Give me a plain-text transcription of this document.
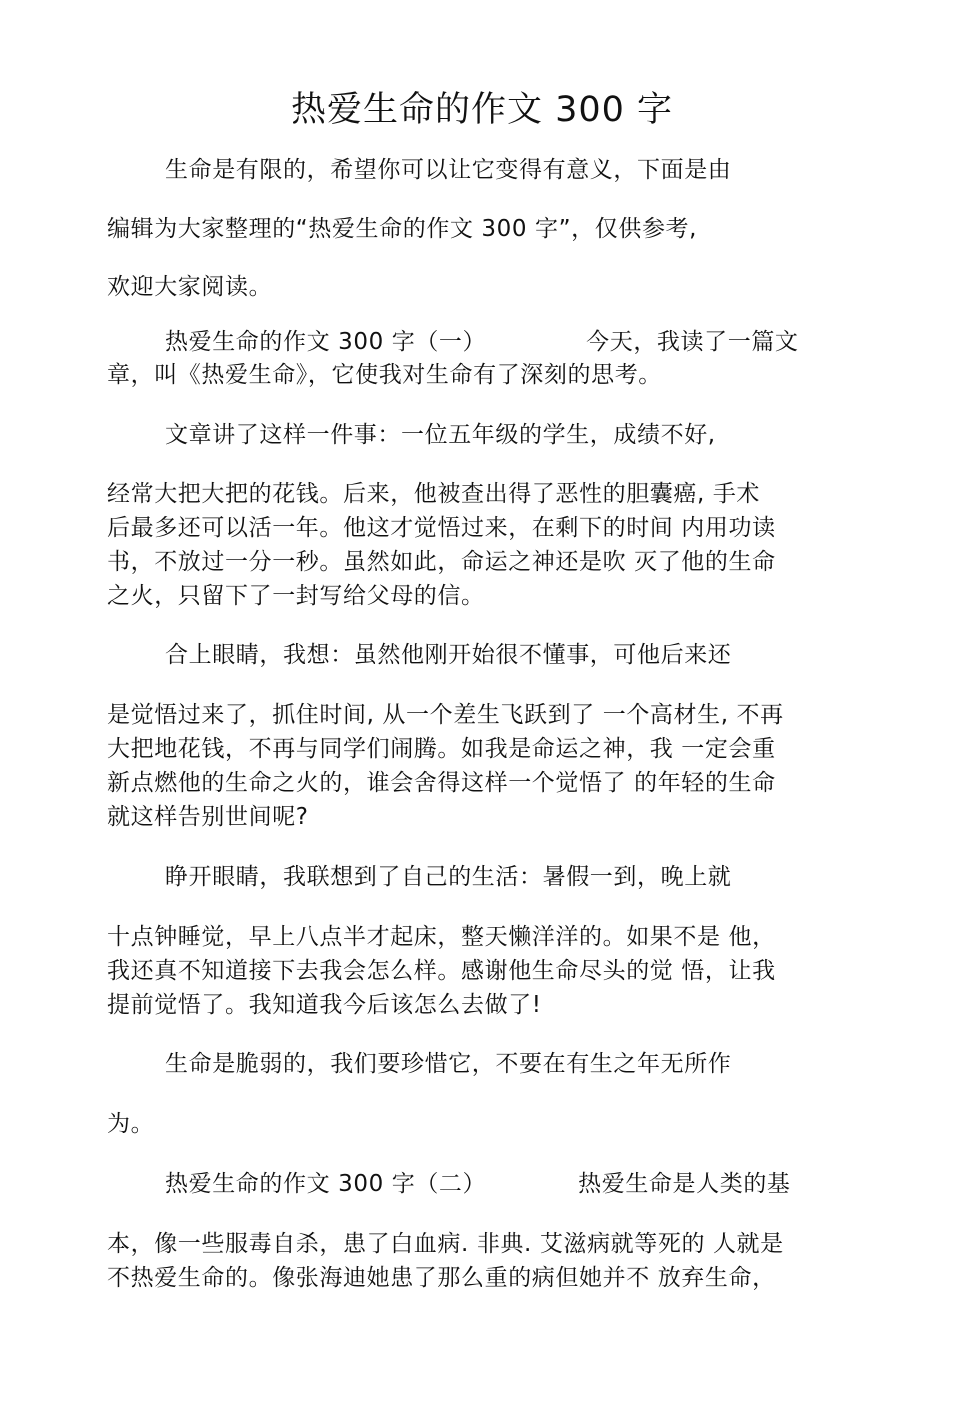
热爱生命的作文 300 字
生命是有限的，希望你可以让它变得有意义，下面是由
编辑为大家整理的“热爱生命的作文 300 字”，仅供参考,
欢迎大家阅读。
热爱生命的作文 300 字（一）	今天，我读了一篇文
章，叫《热爱生命》，它使我对生命有了深刻的思考。
文章讲了这样一件事：一位五年级的学生，成绩不好,
经常大把大把的花钱。后来，他被查出得了恶性的胆囊癌, 手术
后最多还可以活一年。他这才觉悟过来，在剩下的时间 内用功读
书，不放过一分一秒。虽然如此，命运之神还是吹 灭了他的生命
之火，只留下了一封写给父母的信。
合上眼睛，我想：虽然他刚开始很不懂事，可他后来还
是觉悟过来了，抓住时间, 从一个差生飞跃到了 一个高材生, 不再
大把地花钱，不再与同学们闹腾。如我是命运之神，我 一定会重
新点燃他的生命之火的，谁会舍得这样一个觉悟了 的年轻的生命
就这样告别世间呢?
睁开眼睛，我联想到了自己的生活：暑假一到，晚上就
十点钟睡觉，早上八点半才起床，整天懒洋洋的。如果不是 他，
我还真不知道接下去我会怎么样。感谢他生命尽头的觉 悟，让我
提前觉悟了。我知道我今后该怎么去做了!
生命是脆弱的，我们要珍惜它，不要在有生之年无所作
为。
热爱生命的作文 300 字（二）	热爱生命是人类的基
本，像一些服毒自杀，患了白血病. 非典. 艾滋病就等死的 人就是
不热爱生命的。像张海迪她患了那么重的病但她并不 放弃生命，
